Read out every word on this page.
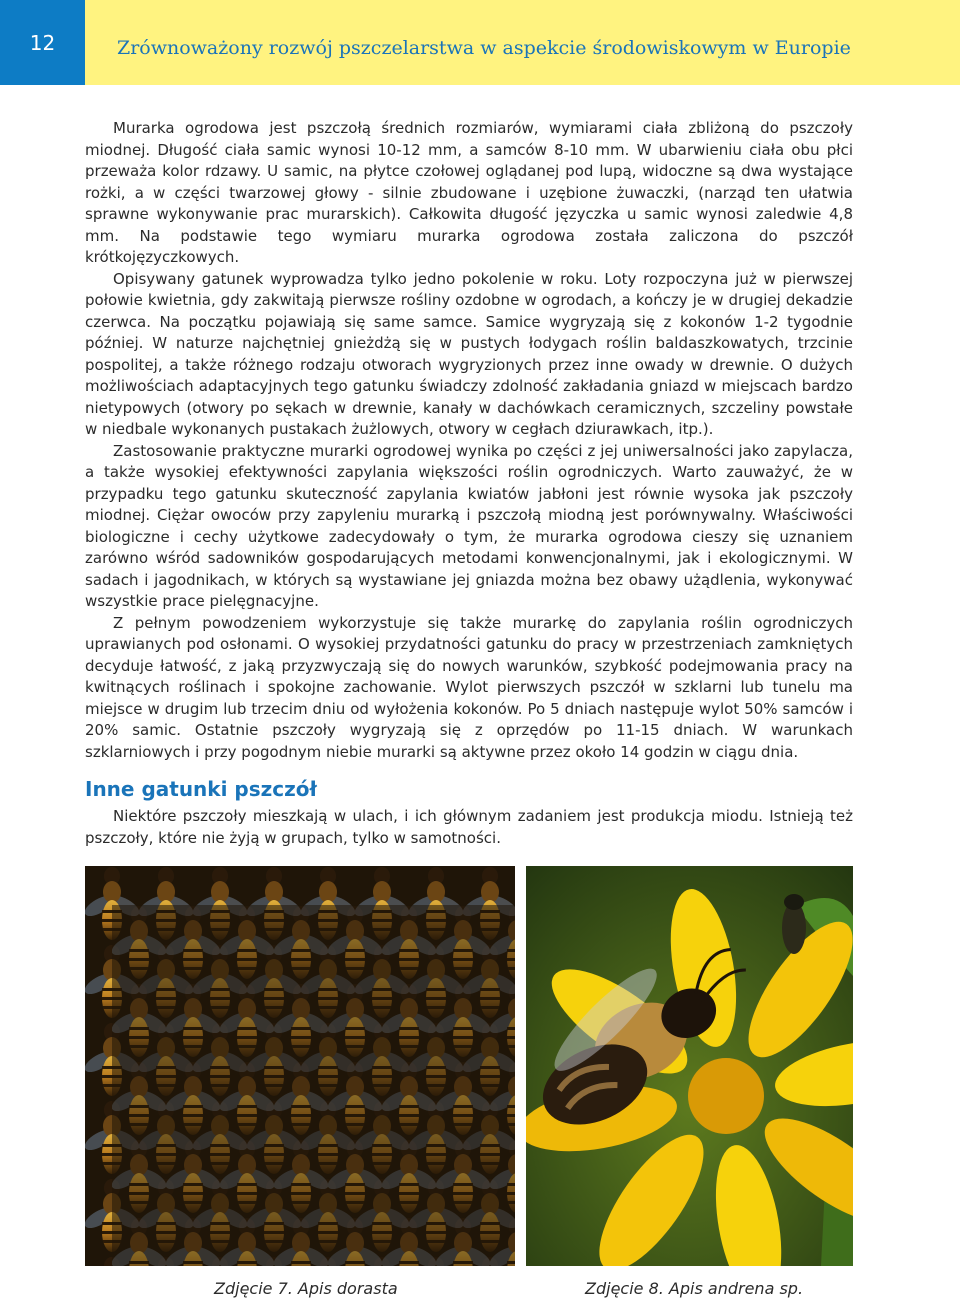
12	Zrównoważony rozwój pszczelarstwa w aspekcie środowiskowym w Europie

Murarka ogrodowa jest pszczołą średnich rozmiarów, wymiarami ciała zbliżoną do pszczoły miodnej. Długość ciała samic wynosi 10-12 mm, a samców 8-10 mm. W ubarwieniu ciała obu płci przeważa kolor rdzawy. U samic, na płytce czołowej oglądanej pod lupą, widoczne są dwa wystające rożki, a w części twarzowej głowy - silnie zbudowane i uzębione żuwaczki, (narząd ten ułatwia sprawne wykonywanie prac murarskich). Całkowita długość języczka u samic wynosi zaledwie 4,8 mm. Na podstawie tego wymiaru murarka ogrodowa została zaliczona do pszczół krótkojęzyczkowych.

Opisywany gatunek wyprowadza tylko jedno pokolenie w roku. Loty rozpoczyna już w pierwszej połowie kwietnia, gdy zakwitają pierwsze rośliny ozdobne w ogrodach, a kończy je w drugiej dekadzie czerwca. Na początku pojawiają się same samce. Samice wygryzają się z kokonów 1-2 tygodnie później. W naturze najchętniej gnieżdżą się w pustych łodygach roślin baldaszkowatych, trzcinie pospolitej, a także różnego rodzaju otworach wygryzionych przez inne owady w drewnie. O dużych możliwościach adaptacyjnych tego gatunku świadczy zdolność zakładania gniazd w miejscach bardzo nietypowych (otwory po sękach w drewnie, kanały w dachówkach ceramicznych, szczeliny powstałe w niedbale wykonanych pustakach żużlowych, otwory w cegłach dziurawkach, itp.).

Zastosowanie praktyczne murarki ogrodowej wynika po części z jej uniwersalności jako zapylacza, a także wysokiej efektywności zapylania większości roślin ogrodniczych. Warto zauważyć, że w przypadku tego gatunku skuteczność zapylania kwiatów jabłoni jest równie wysoka jak pszczoły miodnej. Ciężar owoców przy zapyleniu murarką i pszczołą miodną jest porównywalny. Właściwości biologiczne i cechy użytkowe zadecydowały o tym, że murarka ogrodowa cieszy się uznaniem zarówno wśród sadowników gospodarujących metodami konwencjonalnymi, jak i ekologicznymi. W sadach i jagodnikach, w których są wystawiane jej gniazda można bez obawy użądlenia, wykonywać wszystkie prace pielęgnacyjne.

Z pełnym powodzeniem wykorzystuje się także murarkę do zapylania roślin ogrodniczych uprawianych pod osłonami. O wysokiej przydatności gatunku do pracy w przestrzeniach zamkniętych decyduje łatwość, z jaką przyzwyczają się do nowych warunków, szybkość podejmowania pracy na kwitnących roślinach i spokojne zachowanie. Wylot pierwszych pszczół w szklarni lub tunelu ma miejsce w drugim lub trzecim dniu od wyłożenia kokonów. Po 5 dniach następuje wylot 50% samców i 20% samic. Ostatnie pszczoły wygryzają się z oprzędów po 11-15 dniach. W warunkach szklarniowych i przy pogodnym niebie murarki są aktywne przez około 14 godzin w ciągu dnia.

Inne gatunki pszczół

Niektóre pszczoły mieszkają w ulach, i ich głównym zadaniem jest produkcja miodu. Istnieją też pszczoły, które nie żyją w grupach, tylko w samotności.

Zdjęcie 7. Apis dorasta	Zdjęcie 8. Apis andrena sp.
